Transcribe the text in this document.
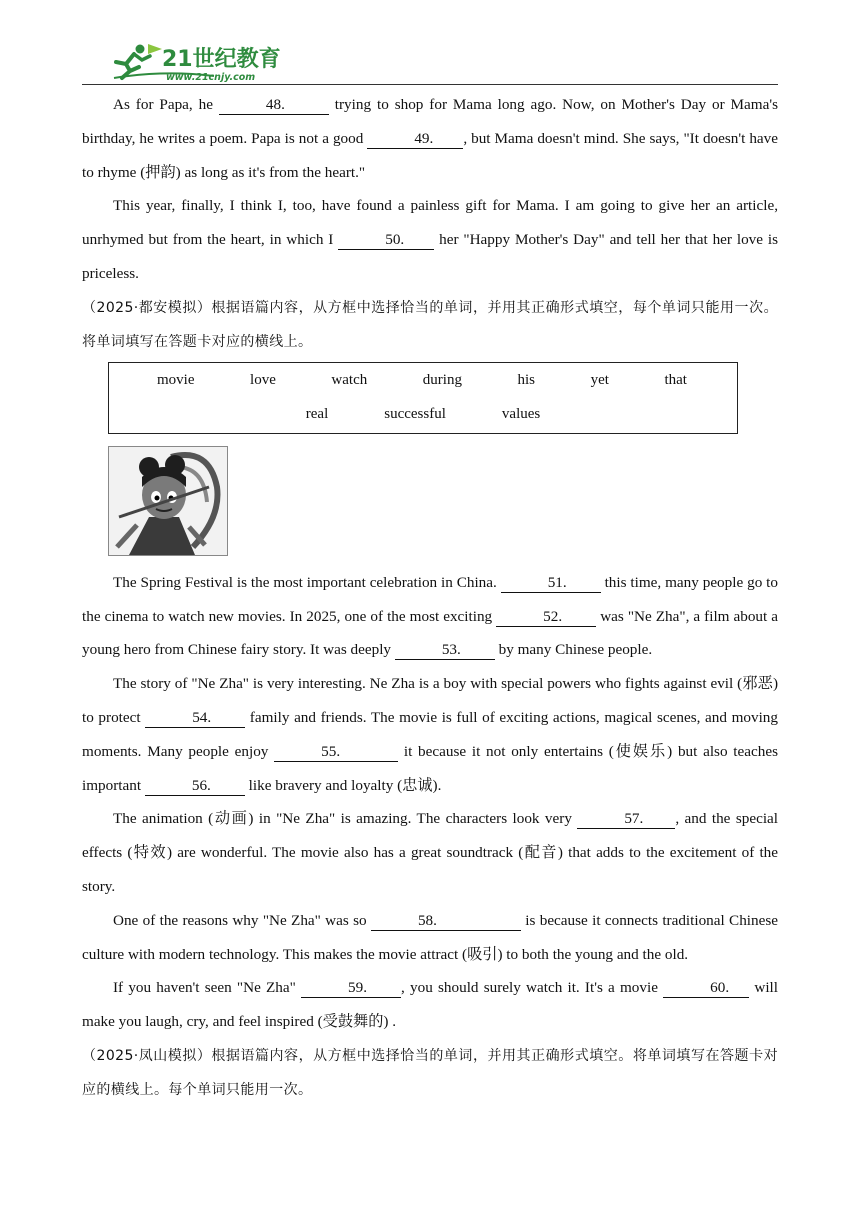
21世纪教育
www.21cnjy.com

As for Papa, he	48.	trying to shop for Mama long ago. Now, on Mother's Day or Mama's birthday, he writes a poem. Papa is not a good	49. , but Mama doesn't mind. She says, "It doesn't have to rhyme (押韵) as long as it's from the heart."

This year, finally, I think I, too, have found a painless gift for Mama. I am going to give her an article, unrhymed but from the heart, in which I	50. her "Happy Mother's Day" and tell her that her love is priceless.

（2025·都安模拟）根据语篇内容，从方框中选择恰当的单词，并用其正确形式填空，每个单词只能用一次。将单词填写在答题卡对应的横线上。

movie	love	watch	during	his	yet	that
real	successful	values

The Spring Festival is the most important celebration in China.	51. this time, many people go to the cinema to watch new movies. In 2025, one of the most exciting	52. was "Ne Zha", a film about a young hero from Chinese fairy story. It was deeply	53. by many Chinese people.

The story of "Ne Zha" is very interesting. Ne Zha is a boy with special powers who fights against evil (邪恶) to protect	54. family and friends. The movie is full of exciting actions, magical scenes, and moving moments. Many people enjoy	55.	it because it not only entertains (使娱乐) but also teaches important	56. like bravery and loyalty (忠诚).

The animation (动画) in "Ne Zha" is amazing. The characters look very	57. , and the special effects (特效) are wonderful. The movie also has a great soundtrack (配音) that adds to the excitement of the story.

One of the reasons why "Ne Zha" was so	58.	is because it connects traditional Chinese culture with modern technology. This makes the movie attract (吸引) to both the young and the old.

If you haven't seen "Ne Zha"	59. , you should surely watch it. It's a movie	60. will make you laugh, cry, and feel inspired (受鼓舞的) .

（2025·凤山模拟）根据语篇内容，从方框中选择恰当的单词，并用其正确形式填空。将单词填写在答题卡对应的横线上。每个单词只能用一次。
